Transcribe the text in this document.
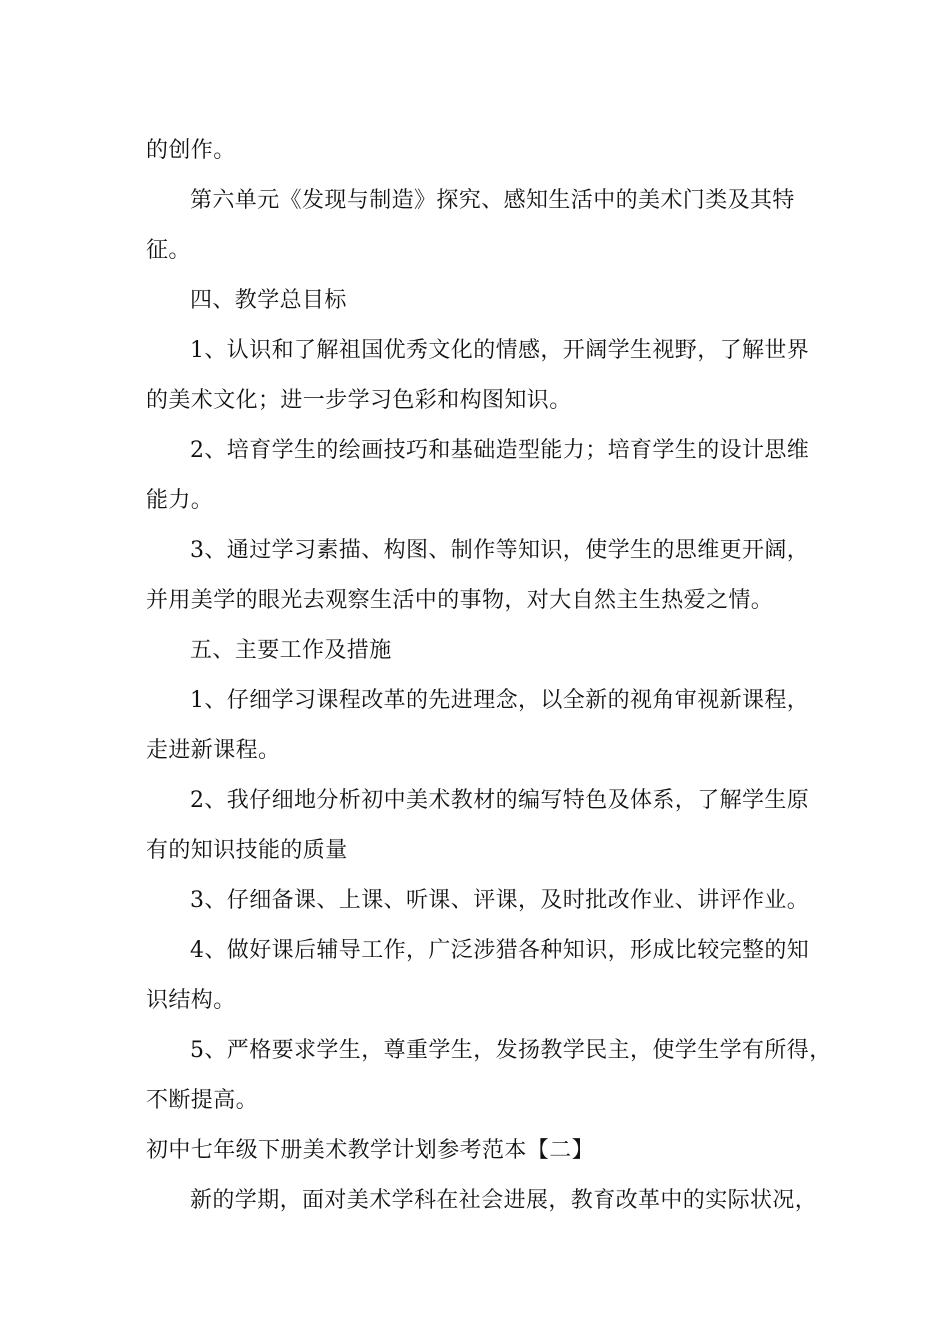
的创作。
第六单元《发现与制造》探究、感知生活中的美术门类及其特
征。
四、教学总目标
1、认识和了解祖国优秀文化的情感，开阔学生视野，了解世界
的美术文化；进一步学习色彩和构图知识。
2、培育学生的绘画技巧和基础造型能力；培育学生的设计思维
能力。
3、通过学习素描、构图、制作等知识，使学生的思维更开阔，
并用美学的眼光去观察生活中的事物，对大自然主生热爱之情。
五、主要工作及措施
1、仔细学习课程改革的先进理念，以全新的视角审视新课程，
走进新课程。
2、我仔细地分析初中美术教材的编写特色及体系，了解学生原
有的知识技能的质量
3、仔细备课、上课、听课、评课，及时批改作业、讲评作业。
4、做好课后辅导工作，广泛涉猎各种知识，形成比较完整的知
识结构。
5、严格要求学生，尊重学生，发扬教学民主，使学生学有所得，
不断提高。
初中七年级下册美术教学计划参考范本【二】
新的学期，面对美术学科在社会进展，教育改革中的实际状况，
